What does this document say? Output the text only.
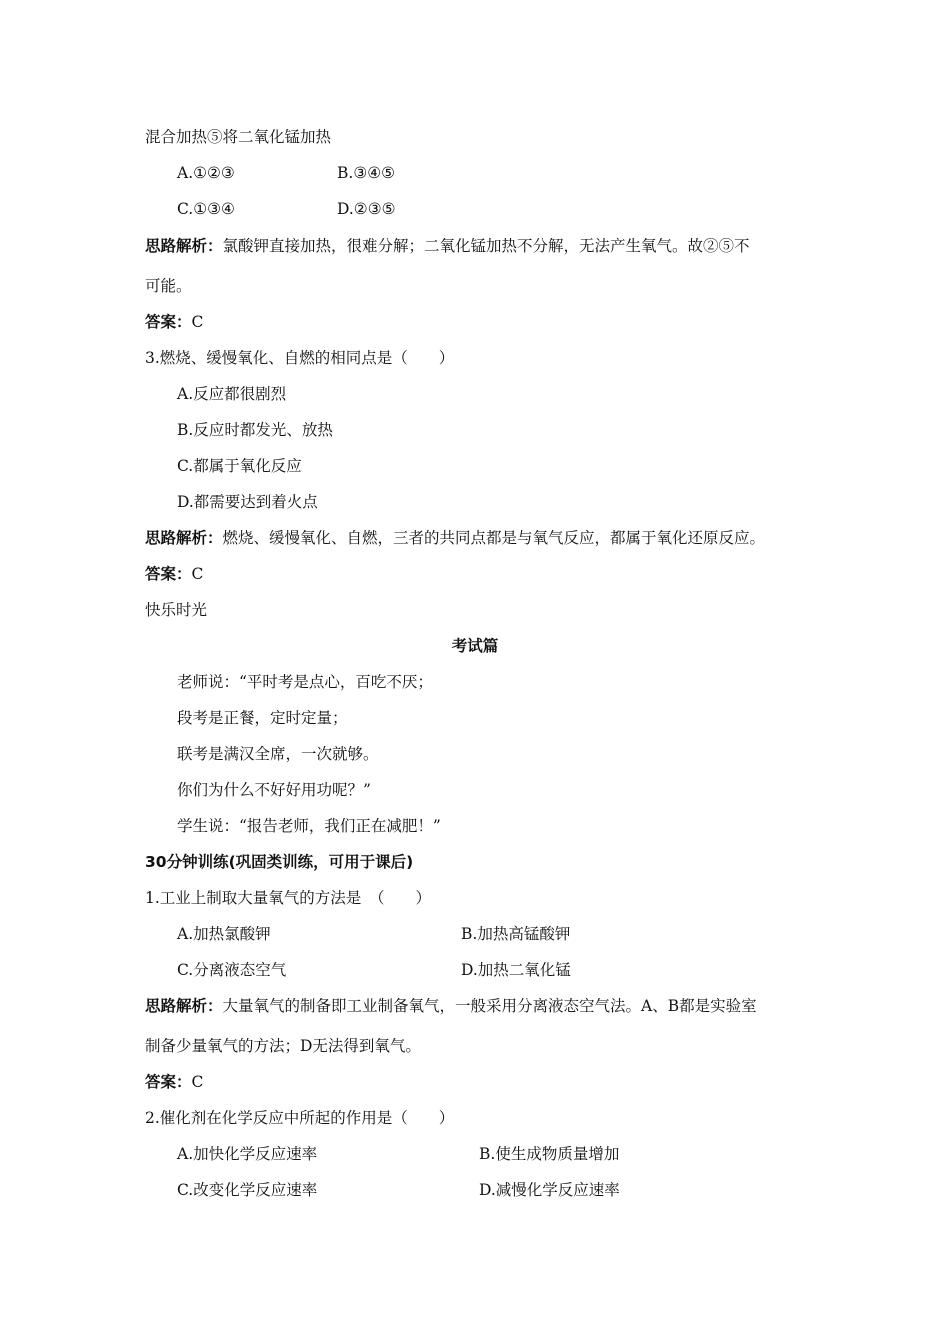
混合加热⑤将二氧化锰加热
A.①②③	B.③④⑤
C.①③④	D.②③⑤
思路解析：氯酸钾直接加热，很难分解；二氧化锰加热不分解，无法产生氧气。故②⑤不
可能。
答案：C
3.燃烧、缓慢氧化、自燃的相同点是（　　）
A.反应都很剧烈
B.反应时都发光、放热
C.都属于氧化反应
D.都需要达到着火点
思路解析：燃烧、缓慢氧化、自燃，三者的共同点都是与氧气反应，都属于氧化还原反应。
答案：C
快乐时光
考试篇
老师说：“平时考是点心，百吃不厌；
段考是正餐，定时定量；
联考是满汉全席，一次就够。
你们为什么不好好用功呢？”
学生说：“报告老师，我们正在减肥！”
30分钟训练(巩固类训练，可用于课后)
1.工业上制取大量氧气的方法是　（　　）
A.加热氯酸钾	B.加热高锰酸钾
C.分离液态空气	D.加热二氧化锰
思路解析：大量氧气的制备即工业制备氧气，一般采用分离液态空气法。A、B都是实验室
制备少量氧气的方法；D无法得到氧气。
答案：C
2.催化剂在化学反应中所起的作用是（　　）
A.加快化学反应速率	B.使生成物质量增加
C.改变化学反应速率	D.减慢化学反应速率
